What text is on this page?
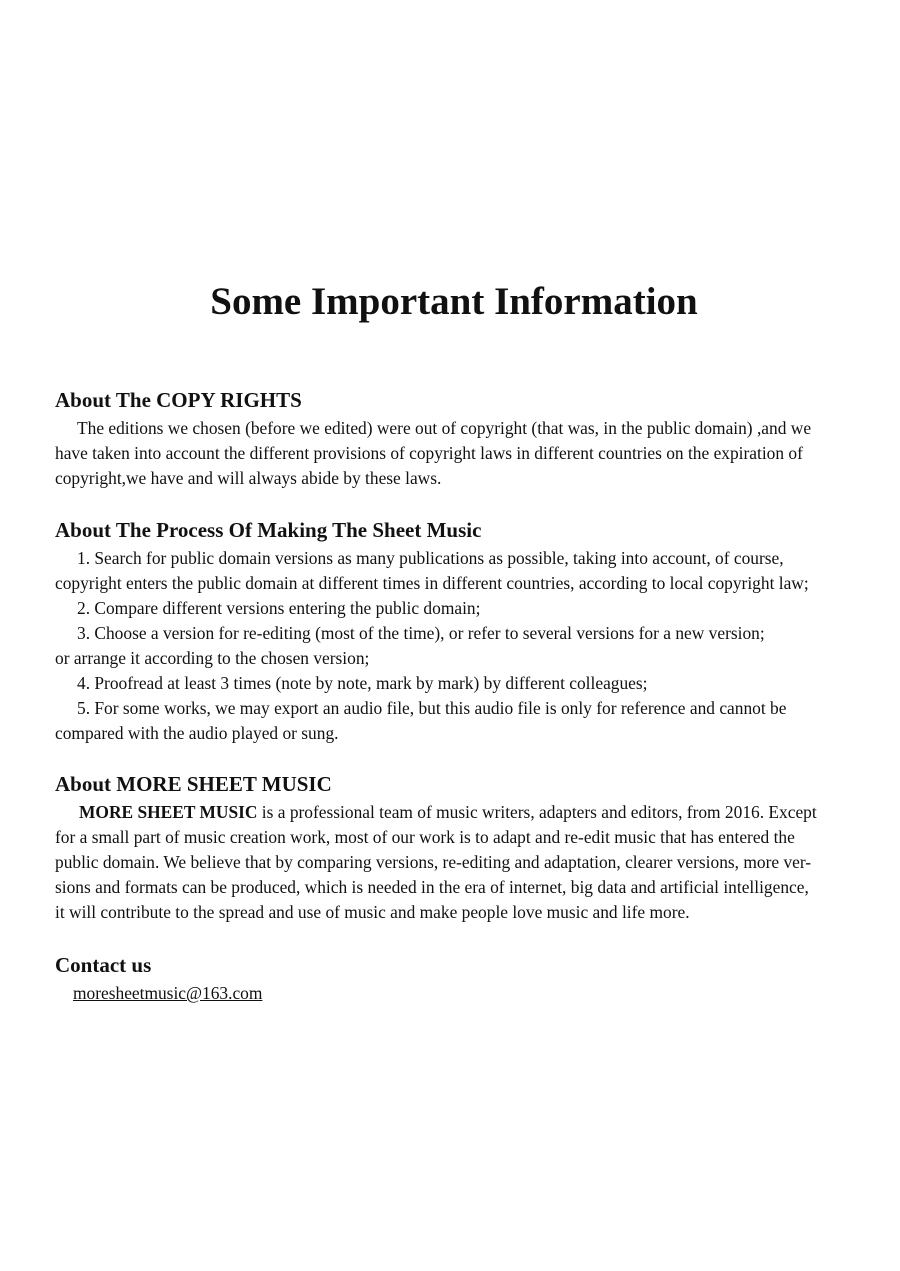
Some Important Information
About The COPY RIGHTS

The editions we chosen (before we edited) were out of copyright (that was, in the public domain) ,and we
have taken into account the different provisions of copyright laws in different countries on the expiration of
copyright,we have and will always abide by these laws.

About The Process Of Making The Sheet Music

1. Search for public domain versions as many publications as possible, taking into account, of course,
copyright enters the public domain at different times in different countries, according to local copyright law;
2. Compare different versions entering the public domain;
3. Choose a version for re-editing (most of the time), or refer to several versions for a new version;
or arrange it according to the chosen version;
4. Proofread at least 3 times (note by note, mark by mark) by different colleagues;
5. For some works, we may export an audio file, but this audio file is only for reference and cannot be
compared with the audio played or sung.

About MORE SHEET MUSIC

MORE SHEET MUSIC is a professional team of music writers, adapters and editors, from 2016. Except
for a small part of music creation work, most of our work is to adapt and re-edit music that has entered the
public domain. We believe that by comparing versions, re-editing and adaptation, clearer versions, more ver-
sions and formats can be produced, which is needed in the era of internet, big data and artificial intelligence,
it will contribute to the spread and use of music and make people love music and life more.

Contact us

moresheetmusic@163.com
